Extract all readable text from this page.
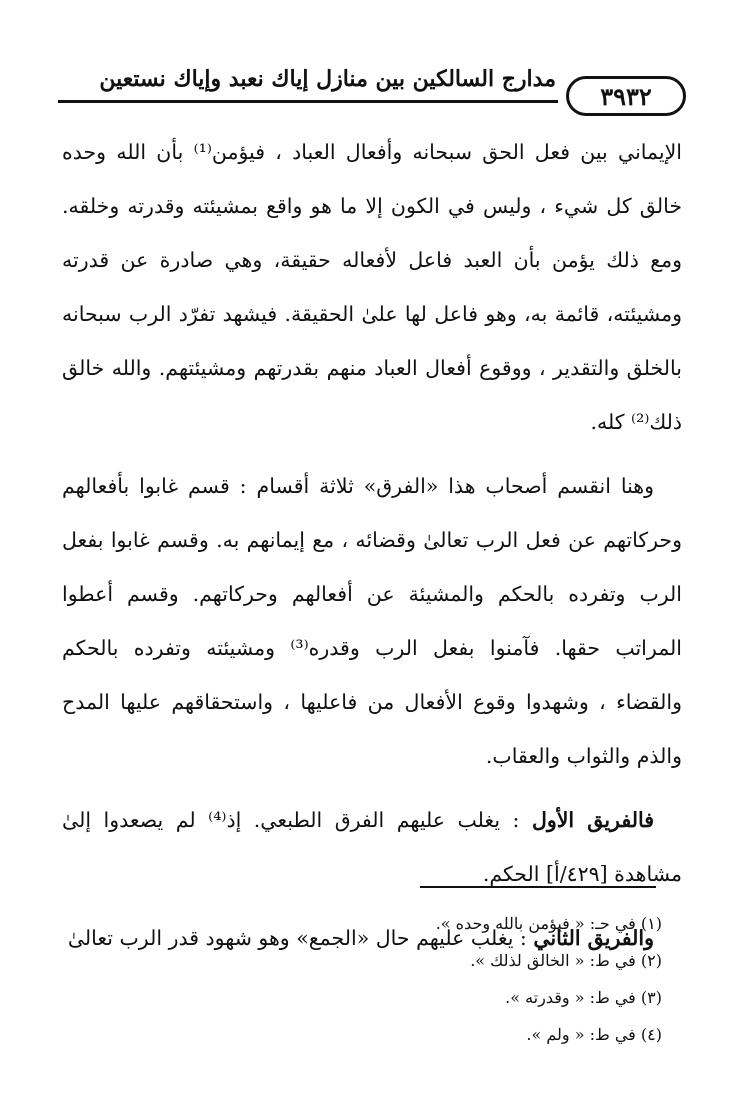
مدارج السالكين بين منازل إياك نعبد وإياك نستعين
٣٩٣٢

الإيماني بين فعل الحق سبحانه وأفعال العباد ، فيؤمن⁽¹⁾ بأن الله وحده خالق كل شيء ، وليس في الكون إلا ما هو واقع بمشيئته وقدرته وخلقه. ومع ذلك يؤمن بأن العبد فاعل لأفعاله حقيقة، وهي صادرة عن قدرته ومشيئته، قائمة به، وهو فاعل لها علىٰ الحقيقة. فيشهد تفرّد الرب سبحانه بالخلق والتقدير ، ووقوع أفعال العباد منهم بقدرتهم ومشيئتهم. والله خالق ذلك⁽²⁾ كله.

وهنا انقسم أصحاب هذا «الفرق» ثلاثة أقسام : قسم غابوا بأفعالهم وحركاتهم عن فعل الرب تعالىٰ وقضائه ، مع إيمانهم به. وقسم غابوا بفعل الرب وتفرده بالحكم والمشيئة عن أفعالهم وحركاتهم. وقسم أعطوا المراتب حقها. فآمنوا بفعل الرب وقدره⁽³⁾ ومشيئته وتفرده بالحكم والقضاء ، وشهدوا وقوع الأفعال من فاعليها ، واستحقاقهم عليها المدح والذم والثواب والعقاب.

فالفريق الأول : يغلب عليهم الفرق الطبعي. إذ⁽⁴⁾ لم يصعدوا إلىٰ مشاهدة [٤٢٩/أ] الحكم.

والفريق الثاني : يغلب عليهم حال «الجمع» وهو شهود قدر الرب تعالىٰ

(١) في حـ: « فيؤمن بالله وحده ».
(٢) في ط: « الخالق لذلك ».
(٣) في ط: « وقدرته ».
(٤) في ط: « ولم ».
